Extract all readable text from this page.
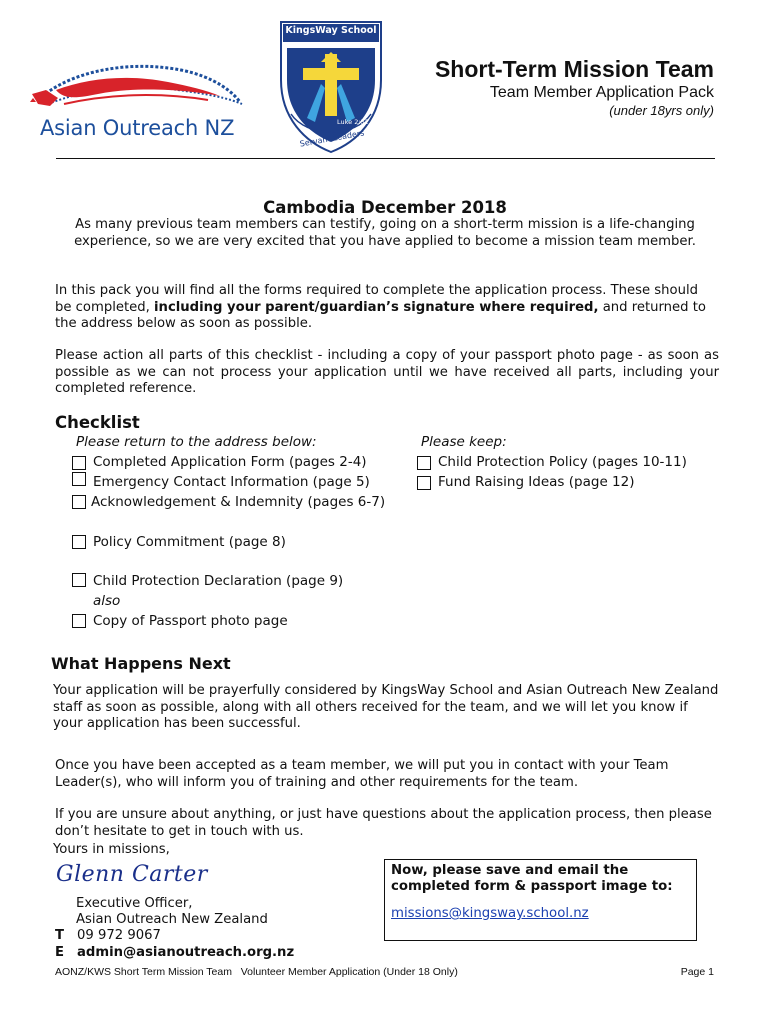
Asian Outreach NZ
KingsWay School
Luke 2:52
Servant Leaders
Short-Term Mission Team
Team Member Application Pack
(under 18yrs only)
Cambodia December 2018
As many previous team members can testify, going on a short-term mission is a life-changing experience, so we are very excited that you have applied to become a mission team member.
In this pack you will find all the forms required to complete the application process. These should be completed, including your parent/guardian’s signature where required, and returned to the address below as soon as possible.
Please action all parts of this checklist - including a copy of your passport photo page - as soon as possible as we can not process your application until we have received all parts, including your completed reference.
Checklist
Please return to the address below:	Please keep:
Completed Application Form (pages 2-4)
Emergency Contact Information (page 5)
Acknowledgement & Indemnity (pages 6-7)
Policy Commitment (page 8)
Child Protection Declaration (page 9)
also
Copy of Passport photo page
Child Protection Policy (pages 10-11)
Fund Raising Ideas (page 12)
What Happens Next
Your application will be prayerfully considered by KingsWay School and Asian Outreach New Zealand staff as soon as possible, along with all others received for the team, and we will let you know if your application has been successful.
Once you have been accepted as a team member, we will put you in contact with your Team Leader(s), who will inform you of training and other requirements for the team.
If you are unsure about anything, or just have questions about the application process, then please don’t hesitate to get in touch with us.
Yours in missions,
Glenn Carter
Executive Officer,
Asian Outreach New Zealand
T 09 972 9067
E admin@asianoutreach.org.nz
Now, please save and email the completed form & passport image to:
missions@kingsway.school.nz
AONZ/KWS Short Term Mission Team   Volunteer Member Application (Under 18 Only)	Page 1
